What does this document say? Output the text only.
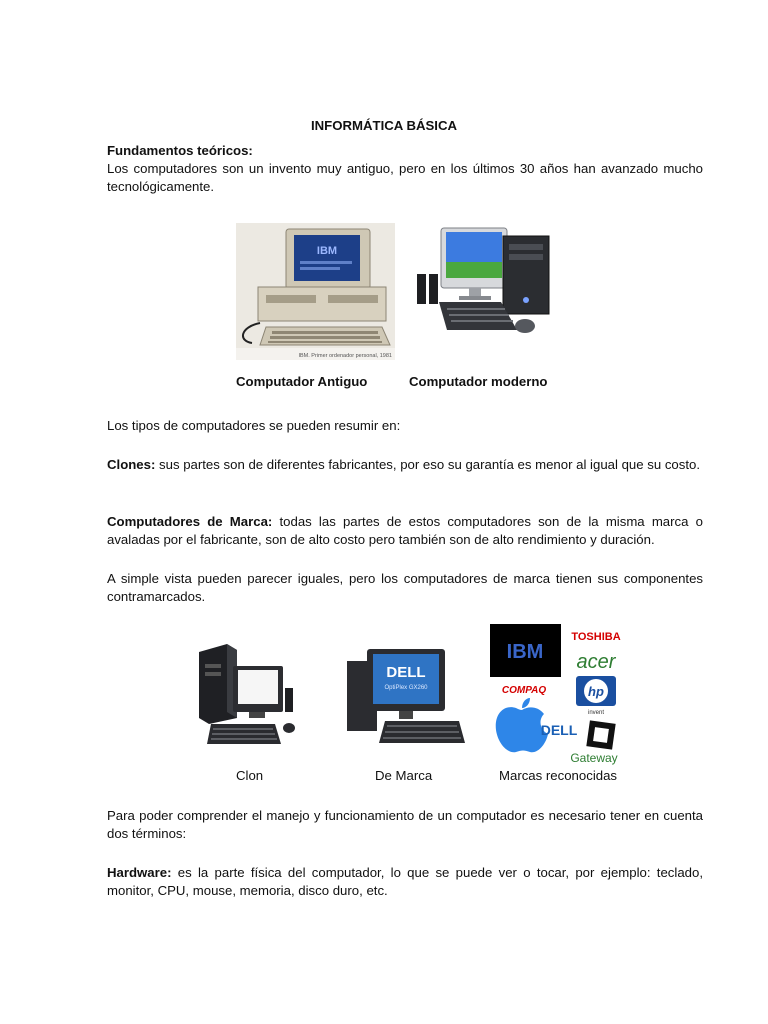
INFORMÁTICA BÁSICA
Fundamentos teóricos:
Los computadores son un invento muy antiguo, pero en los últimos 30 años han avanzado mucho tecnológicamente.
IBM
IBM. Primer ordenador personal, 1981
Computador Antiguo	Computador moderno
Los tipos de computadores se pueden resumir en:
Clones: sus partes son de diferentes fabricantes, por eso su garantía es menor al igual que su costo.
Computadores de Marca: todas las partes de estos computadores son de la misma marca o avaladas por el fabricante, son de alto costo pero también son de alto rendimiento y duración.
A simple vista pueden parecer iguales, pero los computadores de marca tienen sus componentes contramarcados.
DELL
OptiPlex GX260
IBM
TOSHIBA
acer
COMPAQ	hp
invent
DELL
Gateway
Clon	De Marca	Marcas reconocidas
Para poder comprender el manejo y funcionamiento de un computador es necesario tener en cuenta dos términos:
Hardware: es la parte física del computador, lo que se puede ver o tocar, por ejemplo: teclado, monitor, CPU, mouse, memoria, disco duro, etc.
